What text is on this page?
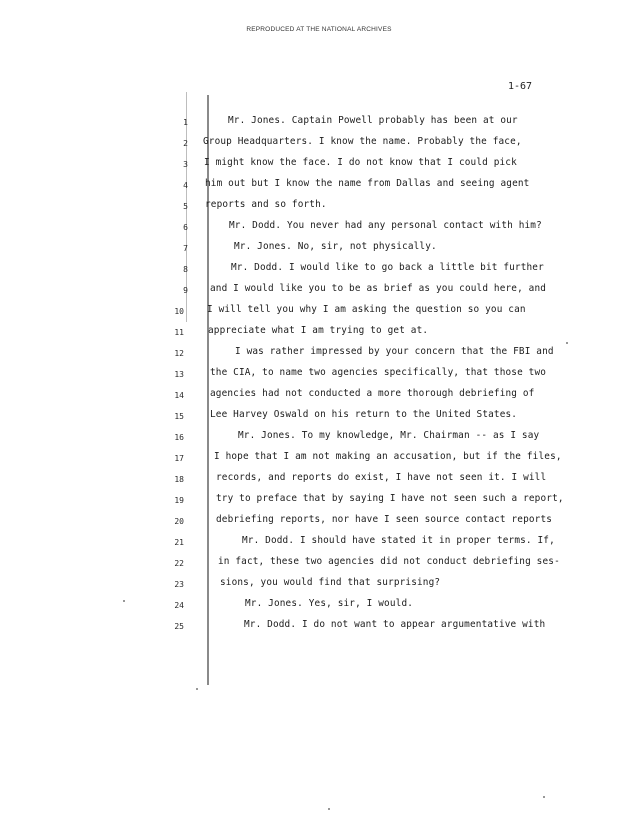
REPRODUCED AT THE NATIONAL ARCHIVES
1-67
1	Mr. Jones. Captain Powell probably has been at our
2 Group Headquarters. I know the name. Probably the face,
3 I might know the face. I do not know that I could pick
4 him out but I know the name from Dallas and seeing agent
5 reports and so forth.
6	Mr. Dodd. You never had any personal contact with him?
7	Mr. Jones. No, sir, not physically.
8	Mr. Dodd. I would like to go back a little bit further
9 and I would like you to be as brief as you could here, and
10 I will tell you why I am asking the question so you can
11	appreciate what I am trying to get at.
12	I was rather impressed by your concern that the FBI and
13	the CIA, to name two agencies specifically, that those two
14	agencies had not conducted a more thorough debriefing of
15	Lee Harvey Oswald on his return to the United States.
16	Mr. Jones. To my knowledge, Mr. Chairman -- as I say
17	I hope that I am not making an accusation, but if the files,
18	records, and reports do exist, I have not seen it. I will
19	try to preface that by saying I have not seen such a report,
20	debriefing reports, nor have I seen source contact reports
21	Mr. Dodd. I should have stated it in proper terms. If,
22	in fact, these two agencies did not conduct debriefing ses-
23	sions, you would find that surprising?
24	Mr. Jones. Yes, sir, I would.
25	Mr. Dodd. I do not want to appear argumentative with
